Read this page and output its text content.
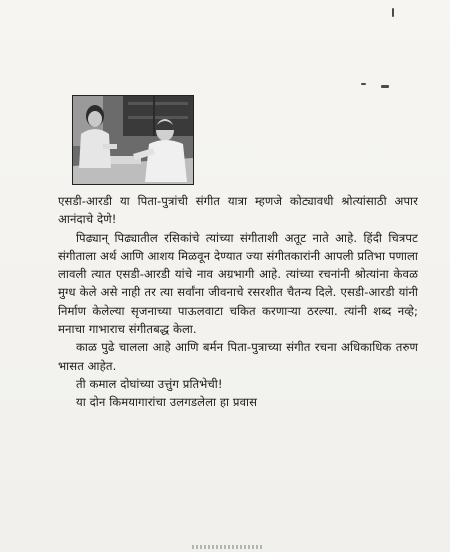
एसडी-आरडी या पिता-पुत्रांची संगीत यात्रा म्हणजे कोट्यावधी श्रोत्यांसाठी अपार आनंदाचे देणे!

पिढ्यान् पिढ्यातील रसिकांचे त्यांच्या संगीताशी अतूट नाते आहे. हिंदी चित्रपट संगीताला अर्थ आणि आशय मिळवून देण्यात ज्या संगीतकारांनी आपली प्रतिभा पणाला लावली त्यात एसडी-आरडी यांचे नाव अग्रभागी आहे. त्यांच्या रचनांनी श्रोत्यांना केवळ मुग्ध केले असे नाही तर त्या सर्वांना जीवनाचे रसरशीत चैतन्य दिले. एसडी-आरडी यांनी निर्माण केलेल्या सृजनाच्या पाऊलवाटा चकित करणाऱ्या ठरल्या. त्यांनी शब्द नव्हे; मनाचा गाभाराच संगीतबद्ध केला.

काळ पुढे चालला आहे आणि बर्मन पिता-पुत्राच्या संगीत रचना अधिकाधिक तरुण भासत आहेत.

ती कमाल दोघांच्या उत्तुंग प्रतिभेची!

या दोन किमयागारांचा उलगडलेला हा प्रवास
